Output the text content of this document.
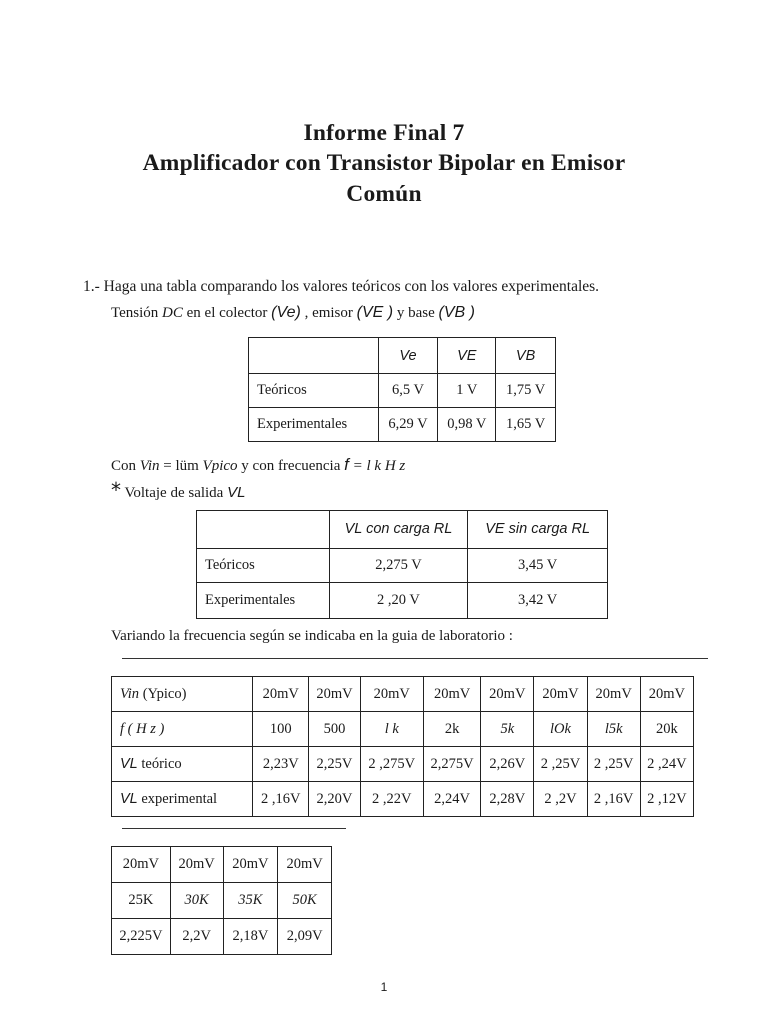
Informe Final 7
Amplificador con Transistor Bipolar en Emisor
Común
1.- Haga una tabla comparando los valores teóricos con los valores experimentales.
Tensión DC en el colector (Ve) , emisor (VE ) y base (VB )
	Ve	VE	VB
Teóricos	6,5 V	1 V	1,75 V
Experimentales	6,29 V	0,98 V	1,65 V
Con Vin = lüm Vpico y con frecuencia f = l k H z
* Voltaje de salida VL
	VL con carga RL	VE sin carga RL
Teóricos	2,275 V	3,45 V
Experimentales	2 ,20 V	3,42 V
Variando la frecuencia según se indicaba en la guia de laboratorio :
Vin (Ypico)	20mV	20mV	20mV	20mV	20mV	20mV	20mV	20mV
f ( H z )	100	500	l k	2k	5k	lOk	l5k	20k
VL teórico	2,23V	2,25V	2 ,275V	2,275V	2,26V	2 ,25V	2 ,25V	2 ,24V
VL experimental	2 ,16V	2,20V	2 ,22V	2,24V	2,28V	2 ,2V	2 ,16V	2 ,12V
20mV	20mV	20mV	20mV
25K	30K	35K	50K
2,225V	2,2V	2,18V	2,09V
1
